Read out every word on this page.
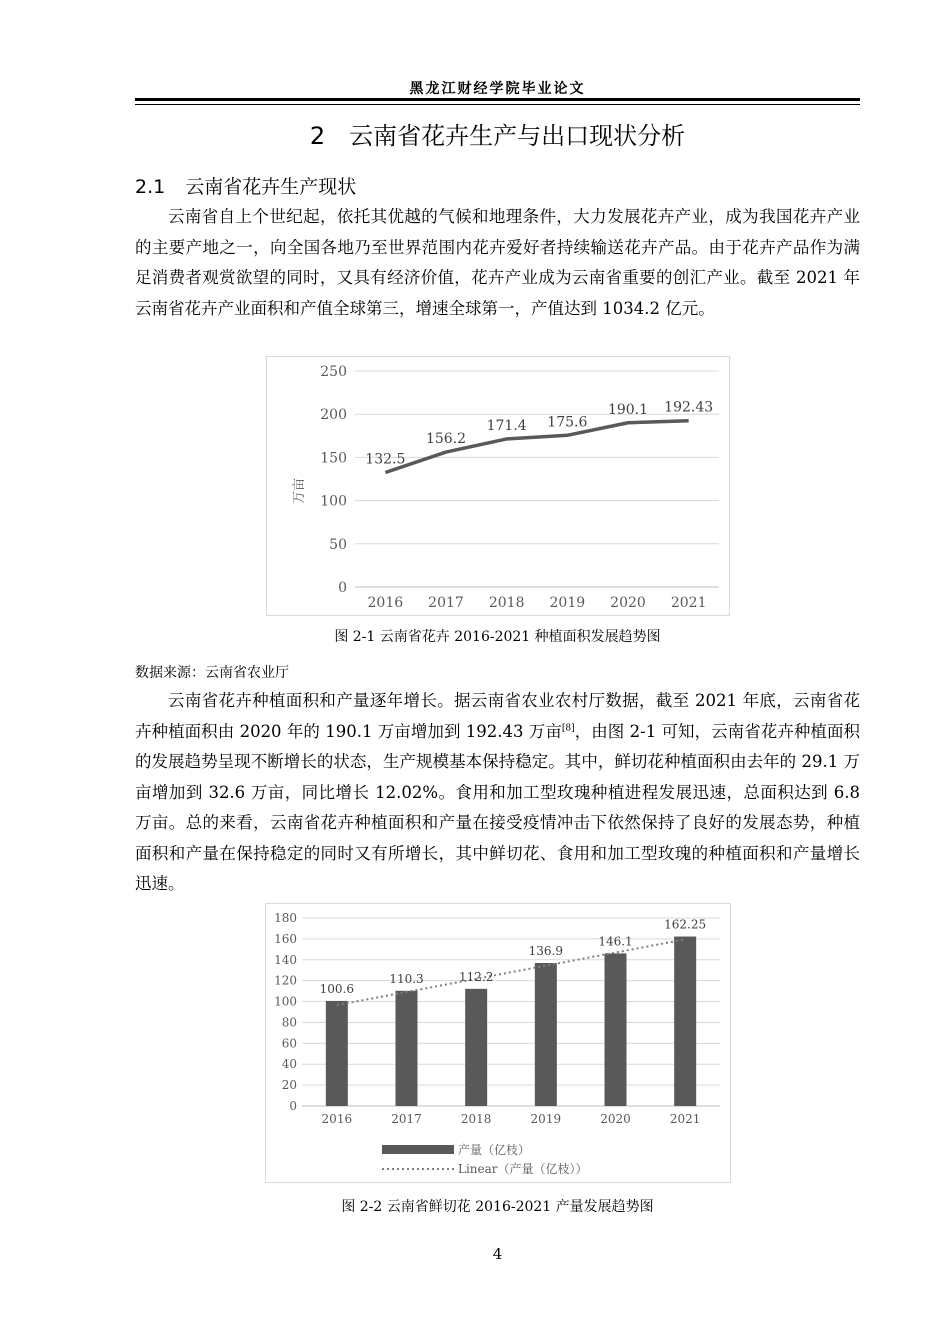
黑龙江财经学院毕业论文
2 云南省花卉生产与出口现状分析
2.1 云南省花卉生产现状

云南省自上个世纪起，依托其优越的气候和地理条件，大力发展花卉产业，成为我国花卉产业的主要产地之一，向全国各地乃至世界范围内花卉爱好者持续输送花卉产品。由于花卉产品作为满足消费者观赏欲望的同时，又具有经济价值，花卉产业成为云南省重要的创汇产业。截至 2021 年云南省花卉产业面积和产值全球第三，增速全球第一，产值达到 1034.2 亿元。

0
50
100
150
200
250
万亩
2016 2017 2018 2019 2020 2021
132.5
156.2
171.4 175.6
190.1 192.43
图 2-1 云南省花卉 2016-2021 种植面积发展趋势图
数据来源：云南省农业厅

云南省花卉种植面积和产量逐年增长。据云南省农业农村厅数据，截至 2021 年底，云南省花卉种植面积由 2020 年的 190.1 万亩增加到 192.43 万亩[8]，由图 2-1 可知，云南省花卉种植面积的发展趋势呈现不断增长的状态，生产规模基本保持稳定。其中，鲜切花种植面积由去年的 29.1 万亩增加到 32.6 万亩，同比增长 12.02%。食用和加工型玫瑰种植进程发展迅速，总面积达到 6.8 万亩。总的来看，云南省花卉种植面积和产量在接受疫情冲击下依然保持了良好的发展态势，种植面积和产量在保持稳定的同时又有所增长，其中鲜切花、食用和加工型玫瑰的种植面积和产量增长迅速。

0
20
40
60
80
100
120
140
160
180
100.6
110.3	112.2
136.9
146.1
162.25
2016	2017	2018	2019	2020	2021
产量（亿枝）
Linear（产量（亿枝））
图 2-2 云南省鲜切花 2016-2021 产量发展趋势图
4
